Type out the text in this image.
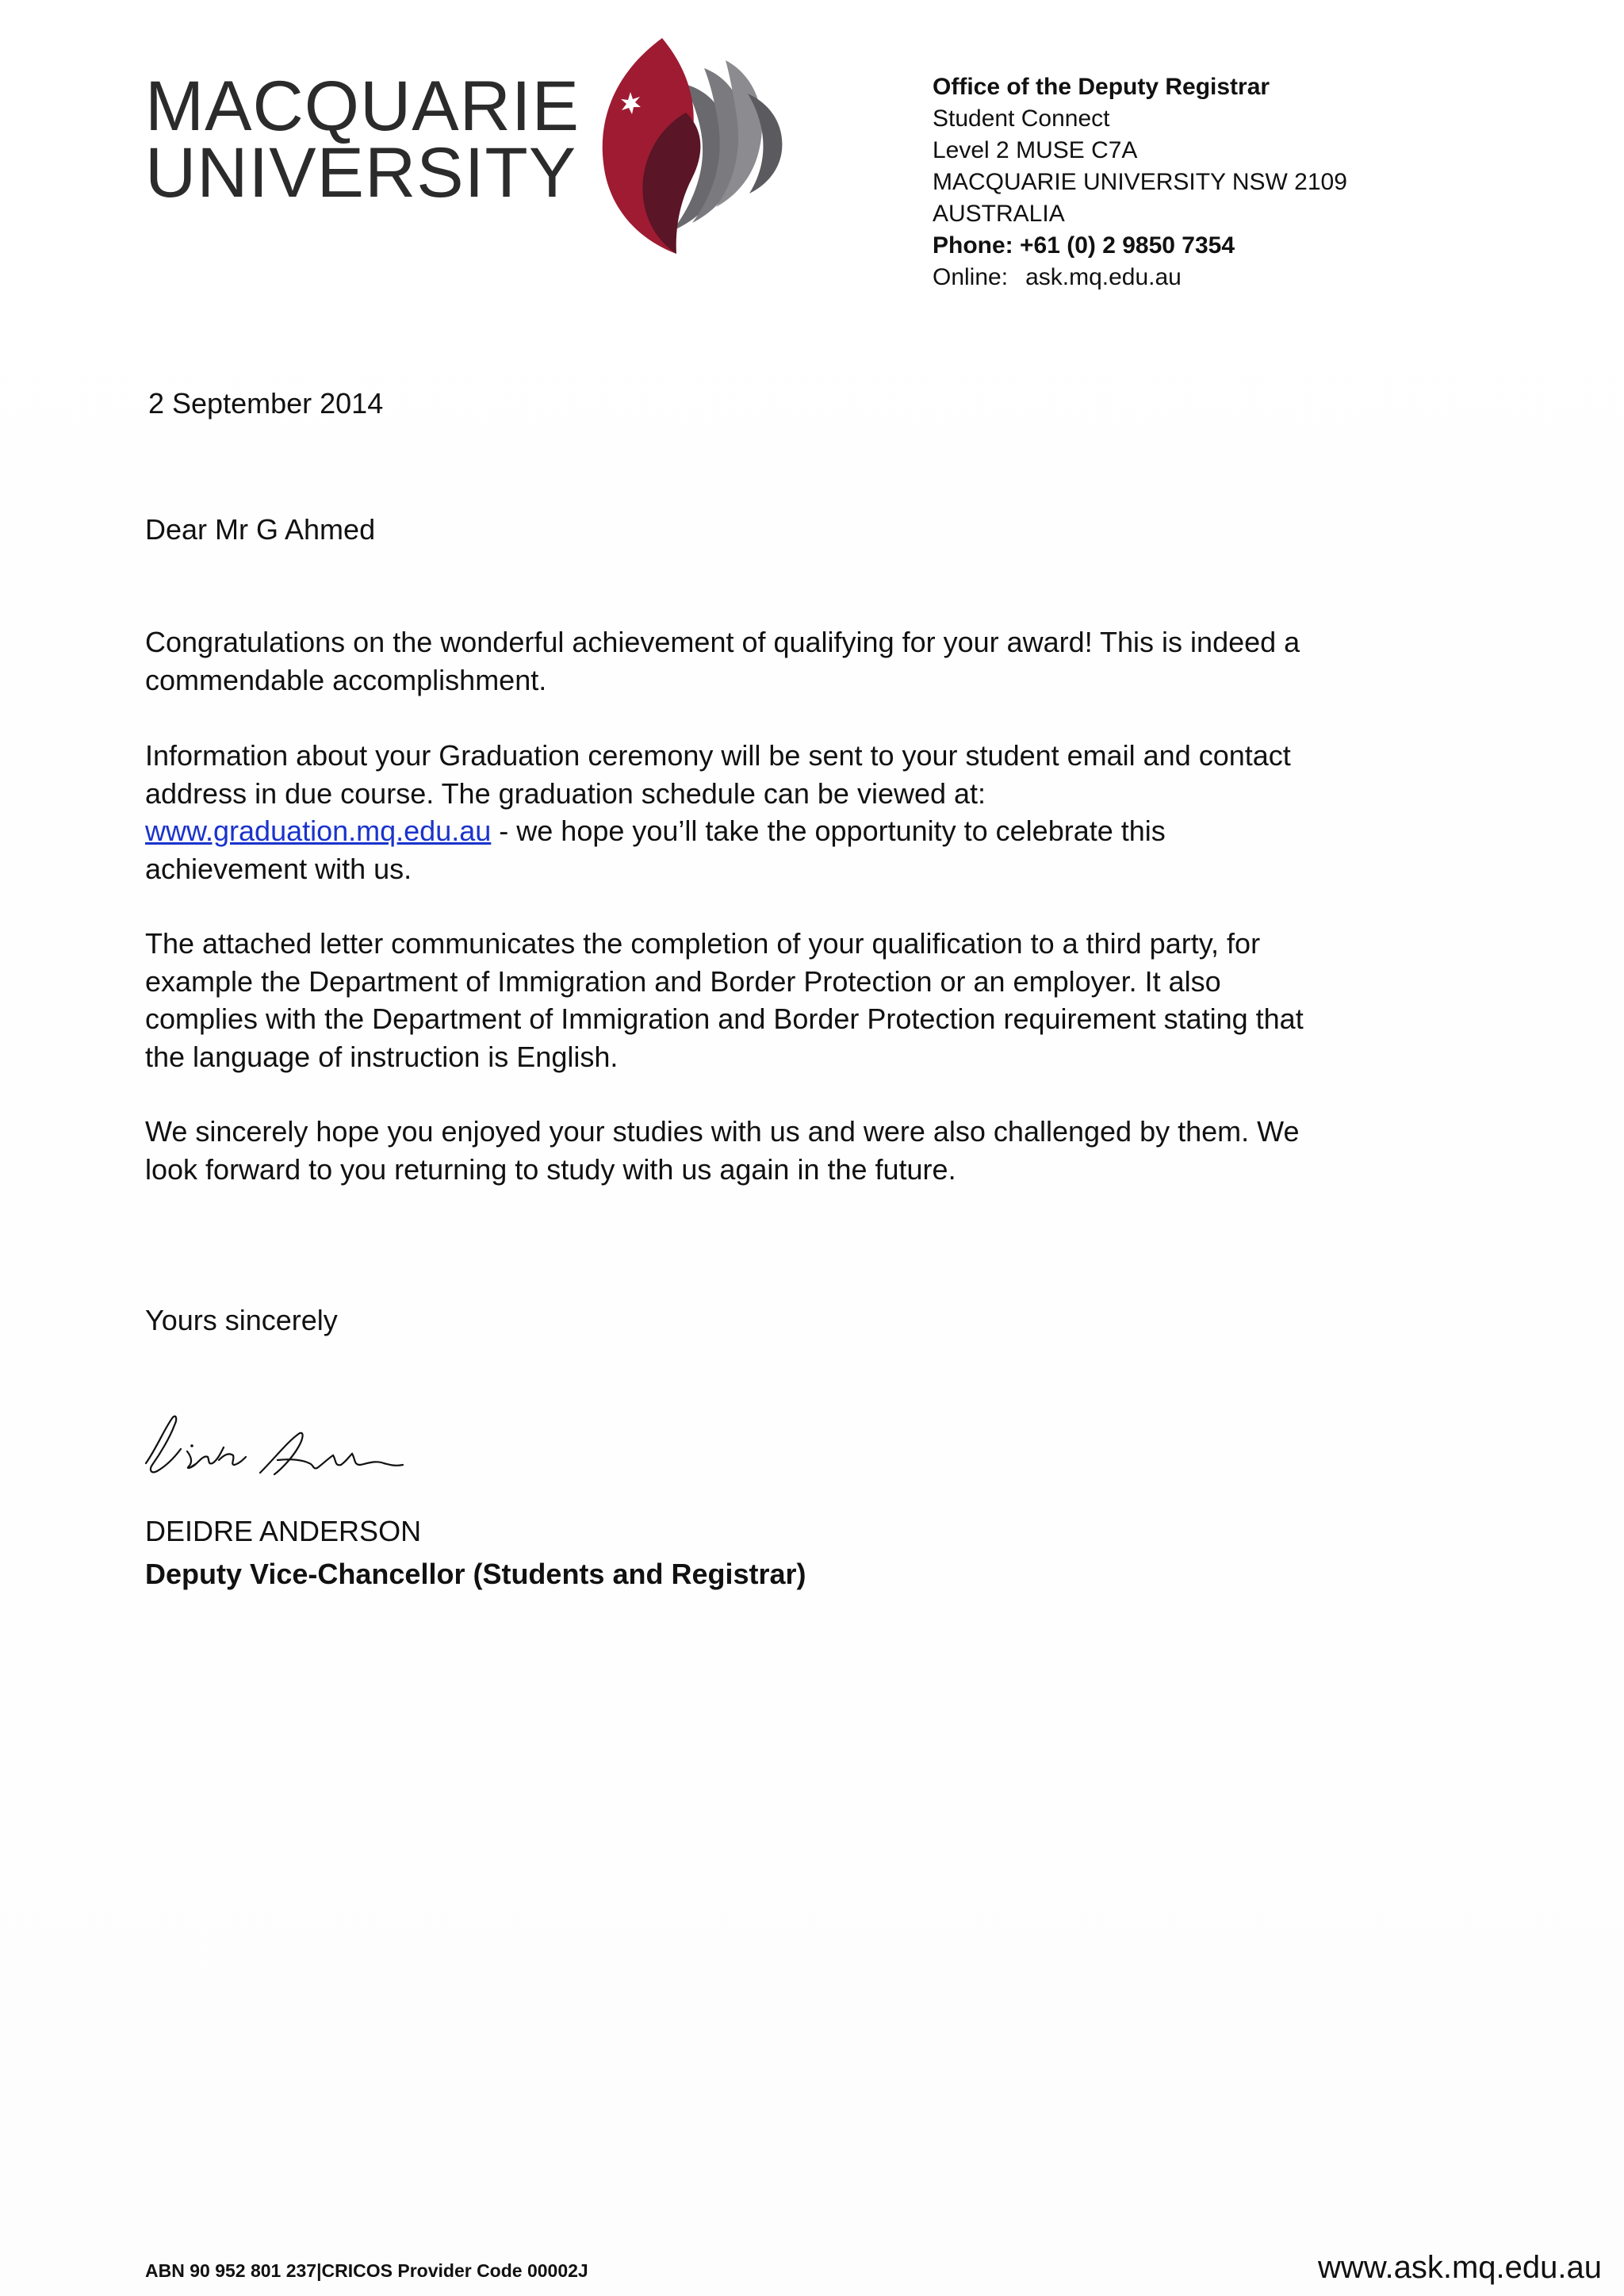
MACQUARIE
UNIVERSITY
Office of the Deputy Registrar
Student Connect
Level 2 MUSE C7A
MACQUARIE UNIVERSITY NSW 2109
AUSTRALIA
Phone: +61 (0) 2 9850 7354
Online: ask.mq.edu.au
2 September 2014
Dear Mr G Ahmed
Congratulations on the wonderful achievement of qualifying for your award! This is indeed a
commendable accomplishment.
Information about your Graduation ceremony will be sent to your student email and contact
address in due course. The graduation schedule can be viewed at:
www.graduation.mq.edu.au - we hope you’ll take the opportunity to celebrate this
achievement with us.
The attached letter communicates the completion of your qualification to a third party, for
example the Department of Immigration and Border Protection or an employer. It also
complies with the Department of Immigration and Border Protection requirement stating that
the language of instruction is English.
We sincerely hope you enjoyed your studies with us and were also challenged by them. We
look forward to you returning to study with us again in the future.
Yours sincerely
DEIDRE ANDERSON
Deputy Vice-Chancellor (Students and Registrar)
ABN 90 952 801 237|CRICOS Provider Code 00002J	www.ask.mq.edu.au
